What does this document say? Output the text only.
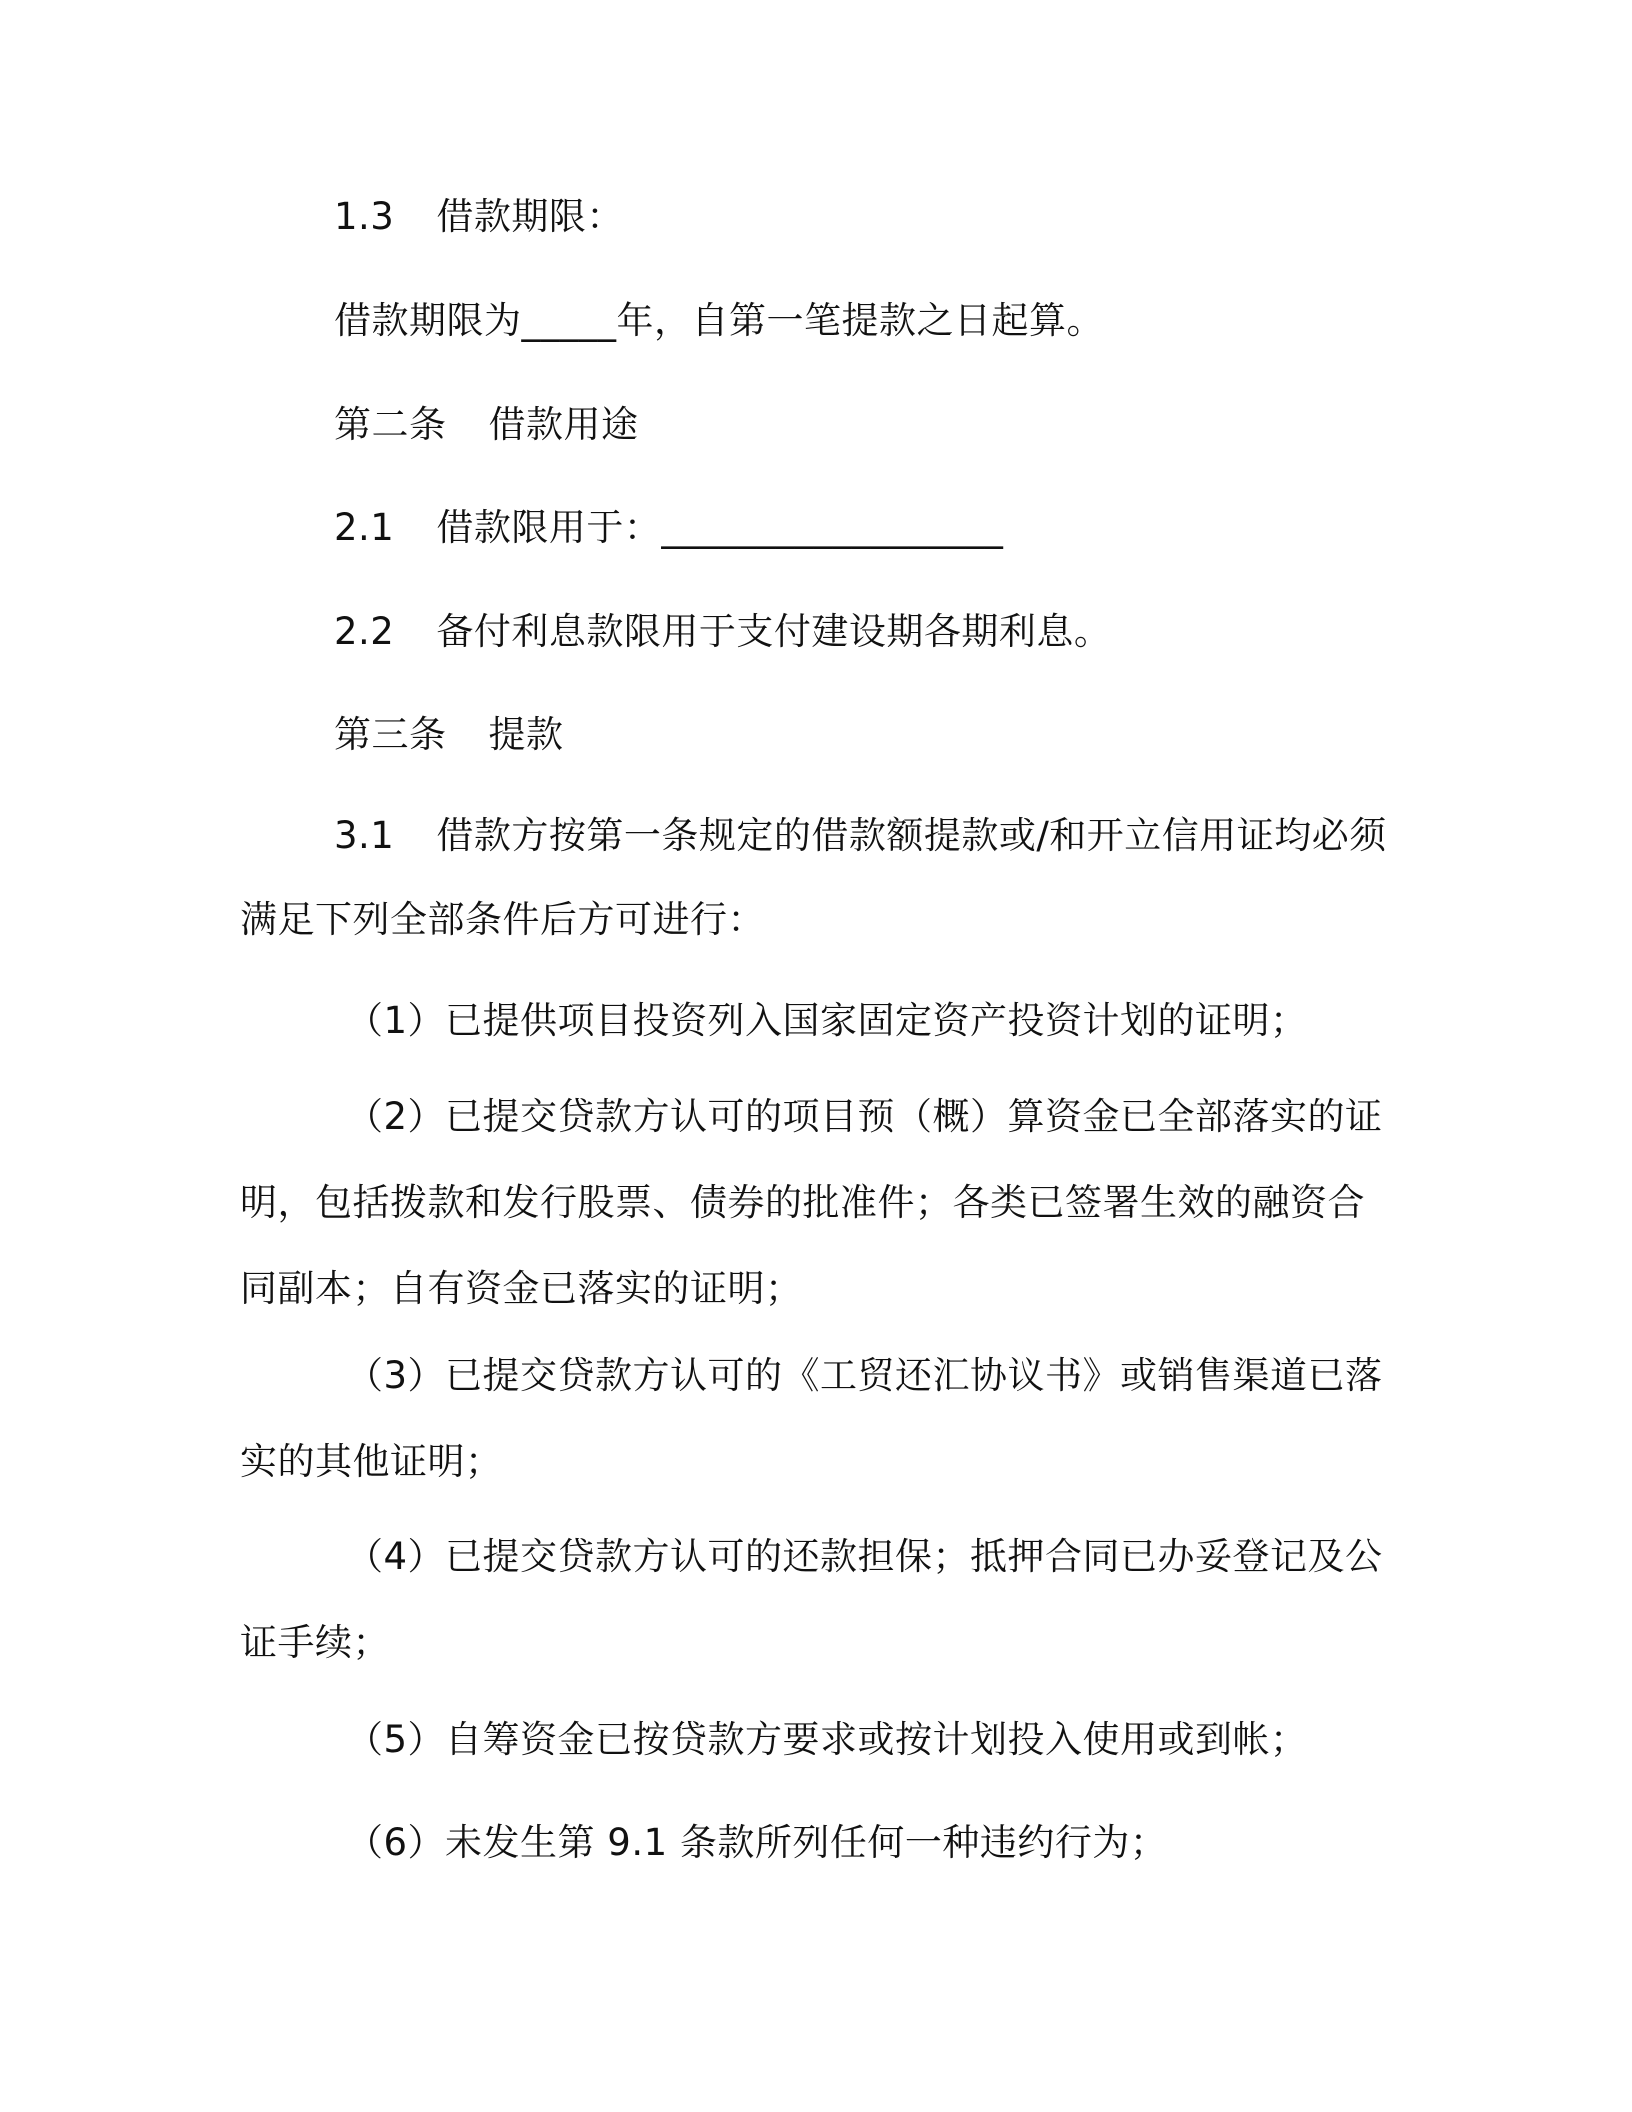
1.3 借款期限：
借款期限为_____年，自第一笔提款之日起算。
第二条 借款用途
2.1 借款限用于：__________________
2.2 备付利息款限用于支付建设期各期利息。
第三条 提款
3.1 借款方按第一条规定的借款额提款或/和开立信用证均必须
满足下列全部条件后方可进行：
（1）已提供项目投资列入国家固定资产投资计划的证明；
（2）已提交贷款方认可的项目预（概）算资金已全部落实的证
明，包括拨款和发行股票、债券的批准件；各类已签署生效的融资合
同副本；自有资金已落实的证明；
（3）已提交贷款方认可的《工贸还汇协议书》或销售渠道已落
实的其他证明；
（4）已提交贷款方认可的还款担保；抵押合同已办妥登记及公
证手续；
（5）自筹资金已按贷款方要求或按计划投入使用或到帐；
（6）未发生第 9.1 条款所列任何一种违约行为；
